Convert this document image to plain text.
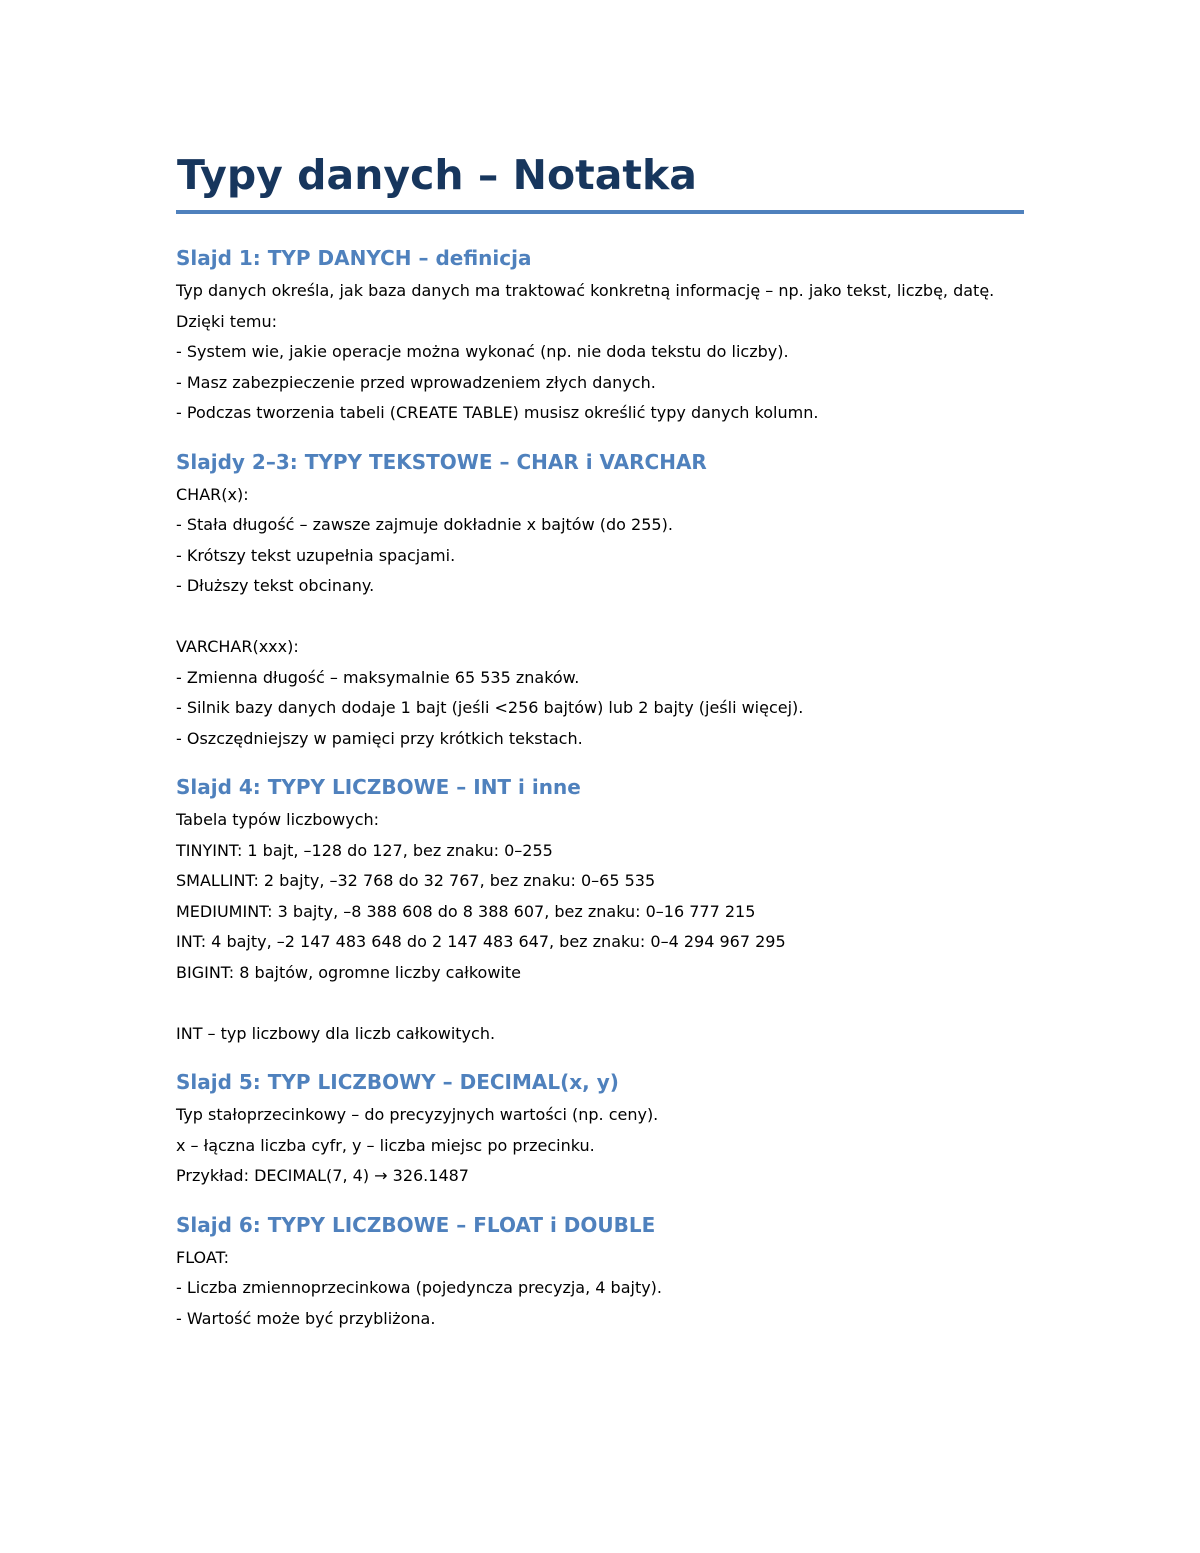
Typy danych – Notatka
Slajd 1: TYP DANYCH – definicja
Typ danych określa, jak baza danych ma traktować konkretną informację – np. jako tekst, liczbę, datę.
Dzięki temu:
- System wie, jakie operacje można wykonać (np. nie doda tekstu do liczby).
- Masz zabezpieczenie przed wprowadzeniem złych danych.
- Podczas tworzenia tabeli (CREATE TABLE) musisz określić typy danych kolumn.
Slajdy 2–3: TYPY TEKSTOWE – CHAR i VARCHAR
CHAR(x):
- Stała długość – zawsze zajmuje dokładnie x bajtów (do 255).
- Krótszy tekst uzupełnia spacjami.
- Dłuższy tekst obcinany.
VARCHAR(xxx):
- Zmienna długość – maksymalnie 65 535 znaków.
- Silnik bazy danych dodaje 1 bajt (jeśli <256 bajtów) lub 2 bajty (jeśli więcej).
- Oszczędniejszy w pamięci przy krótkich tekstach.
Slajd 4: TYPY LICZBOWE – INT i inne
Tabela typów liczbowych:
TINYINT: 1 bajt, –128 do 127, bez znaku: 0–255
SMALLINT: 2 bajty, –32 768 do 32 767, bez znaku: 0–65 535
MEDIUMINT: 3 bajty, –8 388 608 do 8 388 607, bez znaku: 0–16 777 215
INT: 4 bajty, –2 147 483 648 do 2 147 483 647, bez znaku: 0–4 294 967 295
BIGINT: 8 bajtów, ogromne liczby całkowite
INT – typ liczbowy dla liczb całkowitych.
Slajd 5: TYP LICZBOWY – DECIMAL(x, y)
Typ stałoprzecinkowy – do precyzyjnych wartości (np. ceny).
x – łączna liczba cyfr, y – liczba miejsc po przecinku.
Przykład: DECIMAL(7, 4) → 326.1487
Slajd 6: TYPY LICZBOWE – FLOAT i DOUBLE
FLOAT:
- Liczba zmiennoprzecinkowa (pojedyncza precyzja, 4 bajty).
- Wartość może być przybliżona.
